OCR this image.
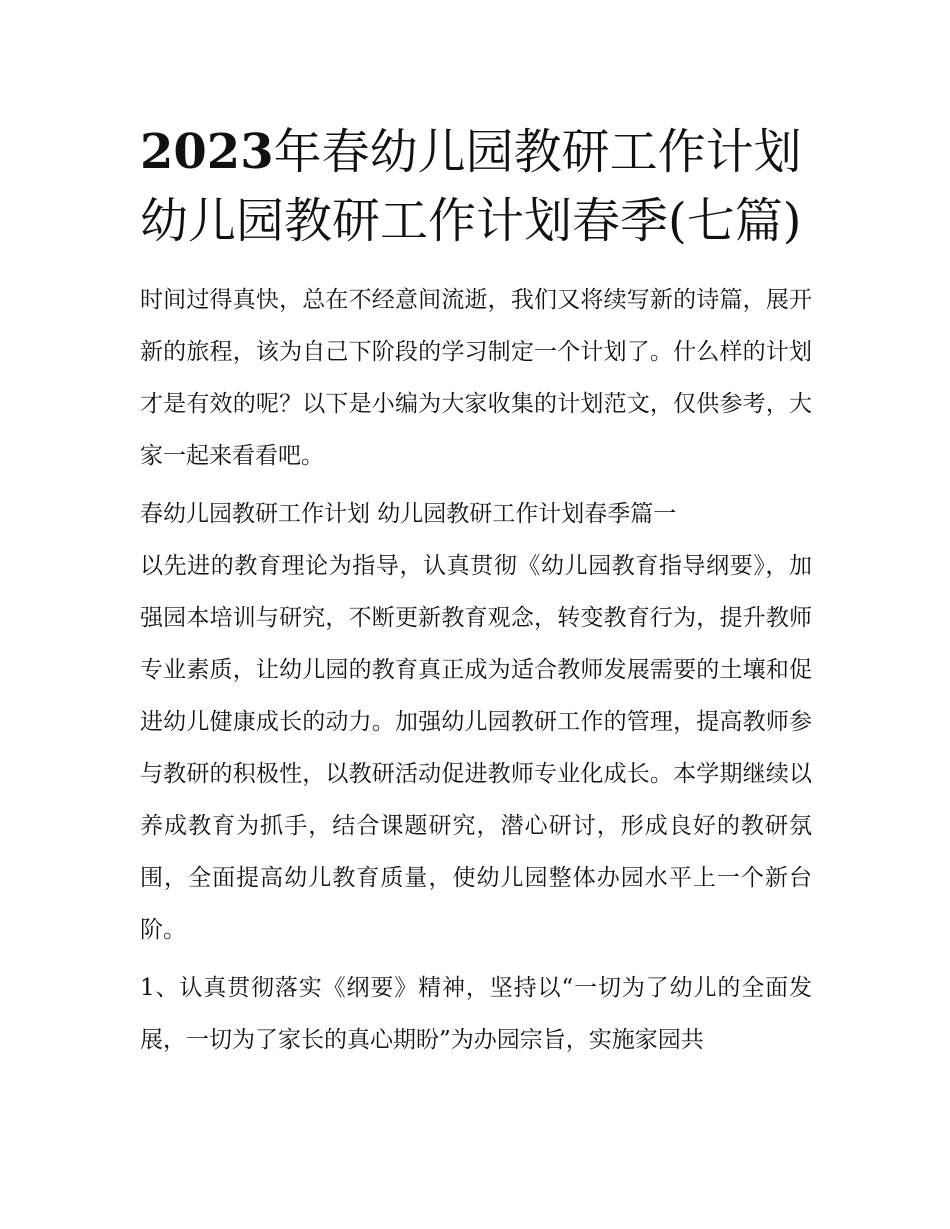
2023年春幼儿园教研工作计划 幼儿园教研工作计划春季(七篇)

时间过得真快，总在不经意间流逝，我们又将续写新的诗篇，展开新的旅程，该为自己下阶段的学习制定一个计划了。什么样的计划才是有效的呢？以下是小编为大家收集的计划范文，仅供参考，大家一起来看看吧。

春幼儿园教研工作计划 幼儿园教研工作计划春季篇一

以先进的教育理论为指导，认真贯彻《幼儿园教育指导纲要》，加强园本培训与研究，不断更新教育观念，转变教育行为，提升教师专业素质，让幼儿园的教育真正成为适合教师发展需要的土壤和促进幼儿健康成长的动力。加强幼儿园教研工作的管理，提高教师参与教研的积极性，以教研活动促进教师专业化成长。本学期继续以养成教育为抓手，结合课题研究，潜心研讨，形成良好的教研氛围，全面提高幼儿教育质量，使幼儿园整体办园水平上一个新台阶。

1、认真贯彻落实《纲要》精神，坚持以“一切为了幼儿的全面发展，一切为了家长的真心期盼”为办园宗旨，实施家园共
